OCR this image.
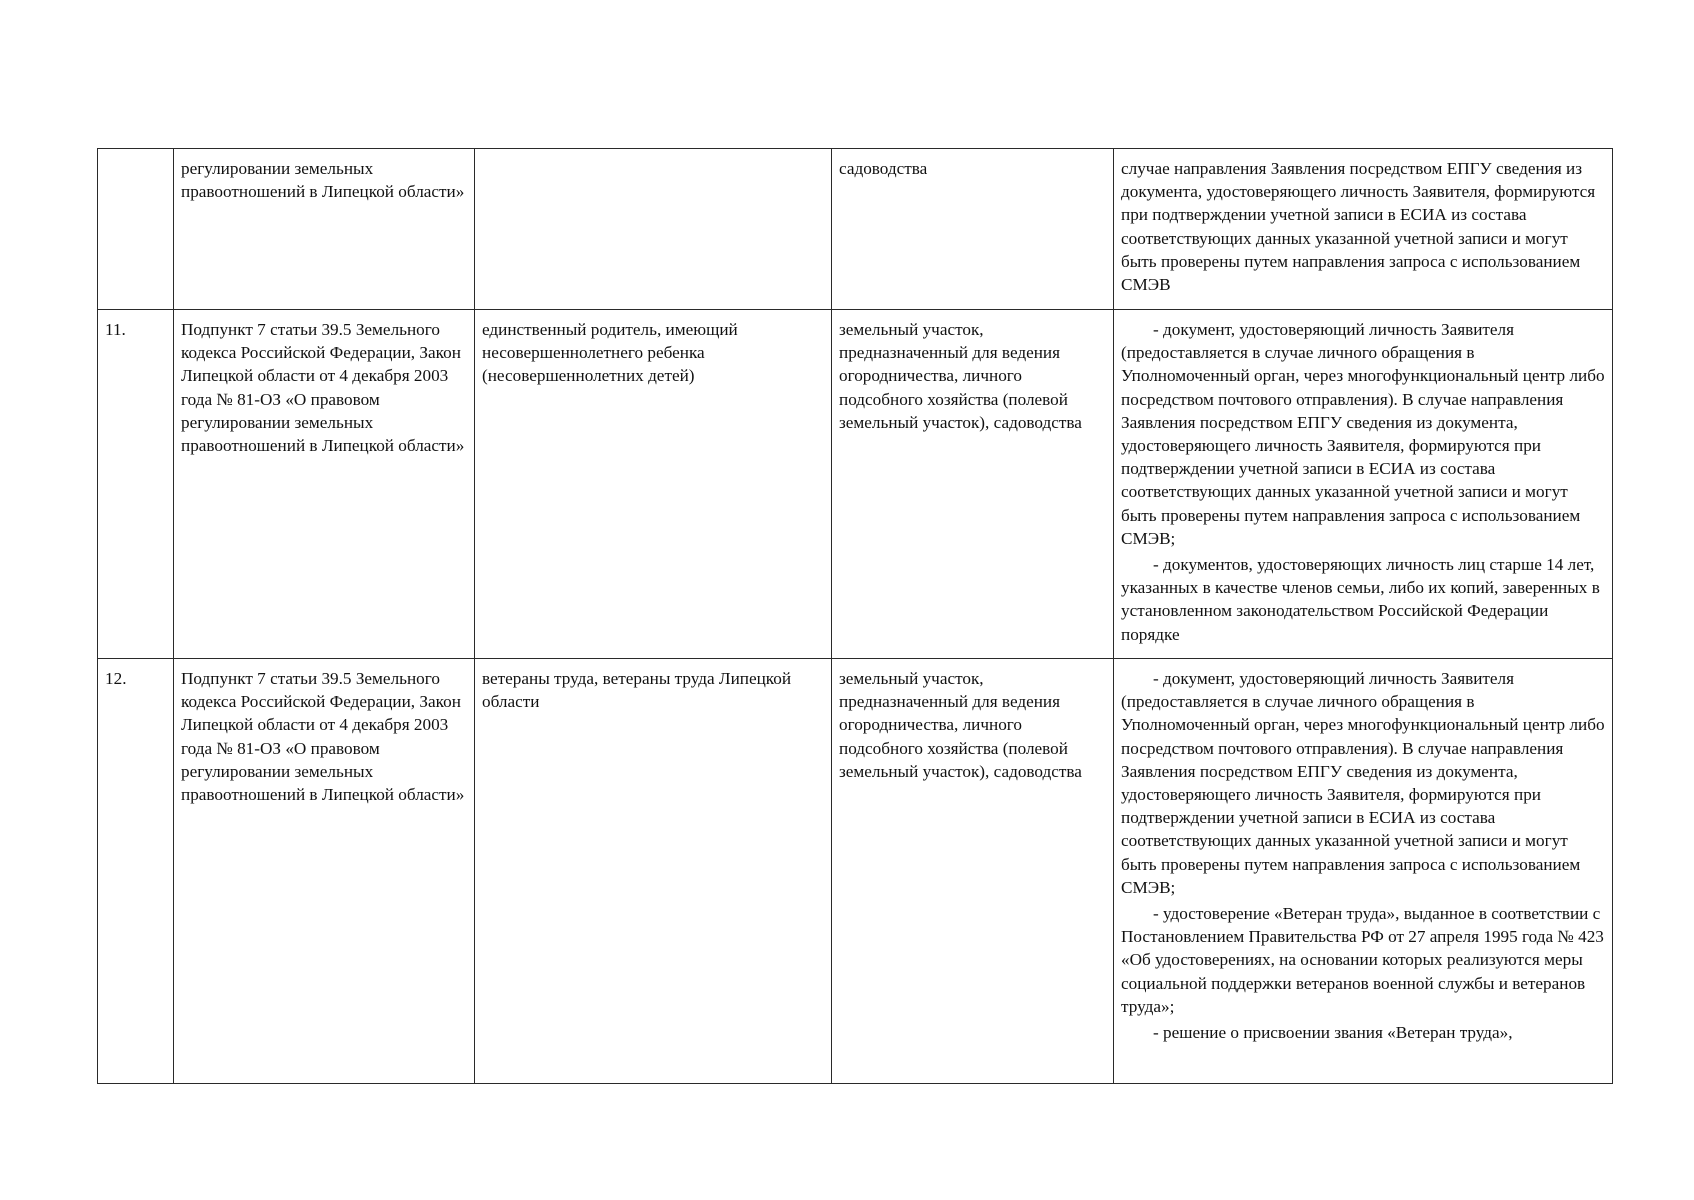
	регулировании земельных правоотношений в Липецкой области»		садоводства	случае направления Заявления посредством ЕПГУ сведения из документа, удостоверяющего личность Заявителя, формируются при подтверждении учетной записи в ЕСИА из состава соответствующих данных указанной учетной записи и могут быть проверены путем направления запроса с использованием СМЭВ

11.	Подпункт 7 статьи 39.5 Земельного кодекса Российской Федерации, Закон Липецкой области от 4 декабря 2003 года № 81-ОЗ «О правовом регулировании земельных правоотношений в Липецкой области»	единственный родитель, имеющий несовершеннолетнего ребенка (несовершеннолетних детей)	земельный участок, предназначенный для ведения огородничества, личного подсобного хозяйства (полевой земельный участок), садоводства	- документ, удостоверяющий личность Заявителя (предоставляется в случае личного обращения в Уполномоченный орган, через многофункциональный центр либо посредством почтового отправления). В случае направления Заявления посредством ЕПГУ сведения из документа, удостоверяющего личность Заявителя, формируются при подтверждении учетной записи в ЕСИА из состава соответствующих данных указанной учетной записи и могут быть проверены путем направления запроса с использованием СМЭВ;
- документов, удостоверяющих личность лиц старше 14 лет, указанных в качестве членов семьи, либо их копий, заверенных в установленном законодательством Российской Федерации порядке

12.	Подпункт 7 статьи 39.5 Земельного кодекса Российской Федерации, Закон Липецкой области от 4 декабря 2003 года № 81-ОЗ «О правовом регулировании земельных правоотношений в Липецкой области»	ветераны труда, ветераны труда Липецкой области	земельный участок, предназначенный для ведения огородничества, личного подсобного хозяйства (полевой земельный участок), садоводства	- документ, удостоверяющий личность Заявителя (предоставляется в случае личного обращения в Уполномоченный орган, через многофункциональный центр либо посредством почтового отправления). В случае направления Заявления посредством ЕПГУ сведения из документа, удостоверяющего личность Заявителя, формируются при подтверждении учетной записи в ЕСИА из состава соответствующих данных указанной учетной записи и могут быть проверены путем направления запроса с использованием СМЭВ;
- удостоверение «Ветеран труда», выданное в соответствии с Постановлением Правительства РФ от 27 апреля 1995 года № 423 «Об удостоверениях, на основании которых реализуются меры социальной поддержки ветеранов военной службы и ветеранов труда»;
- решение о присвоении звания «Ветеран труда»,
